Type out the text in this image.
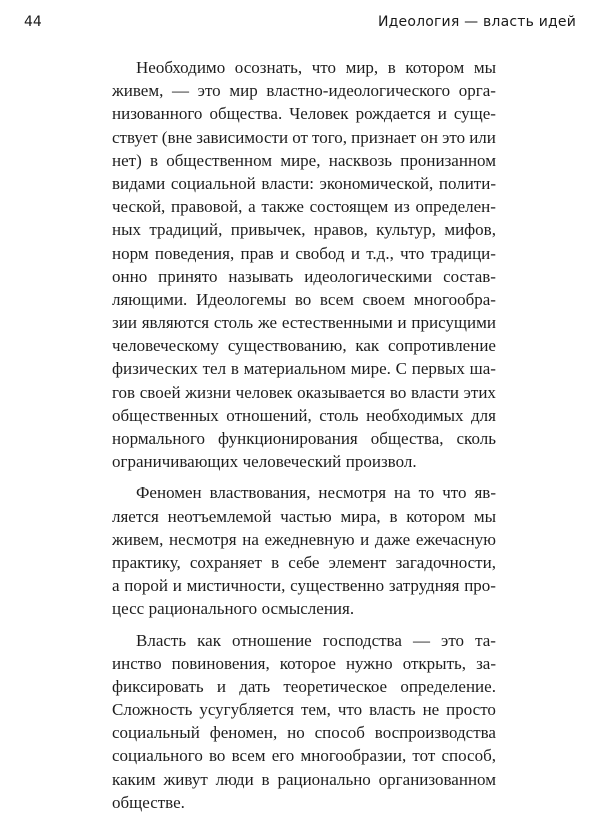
44	Идеология — власть идей
Необходимо осознать, что мир, в котором мы
живем, — это мир властно-идеологического орга-
низованного общества. Человек рождается и суще-
ствует (вне зависимости от того, признает он это или
нет) в общественном мире, насквозь пронизанном
видами социальной власти: экономической, полити-
ческой, правовой, а также состоящем из определен-
ных традиций, привычек, нравов, культур, мифов,
норм поведения, прав и свобод и т.д., что традици-
онно принято называть идеологическими состав-
ляющими. Идеологемы во всем своем многообра-
зии являются столь же естественными и присущими
человеческому существованию, как сопротивление
физических тел в материальном мире. С первых ша-
гов своей жизни человек оказывается во власти этих
общественных отношений, столь необходимых для
нормального функционирования общества, сколь
ограничивающих человеческий произвол.
Феномен властвования, несмотря на то что яв-
ляется неотъемлемой частью мира, в котором мы
живем, несмотря на ежедневную и даже ежечасную
практику, сохраняет в себе элемент загадочности,
а порой и мистичности, существенно затрудняя про-
цесс рационального осмысления.
Власть как отношение господства — это та-
инство повиновения, которое нужно открыть, за-
фиксировать и дать теоретическое определение.
Сложность усугубляется тем, что власть не просто
социальный феномен, но способ воспроизводства
социального во всем его многообразии, тот способ,
каким живут люди в рационально организованном
обществе.
